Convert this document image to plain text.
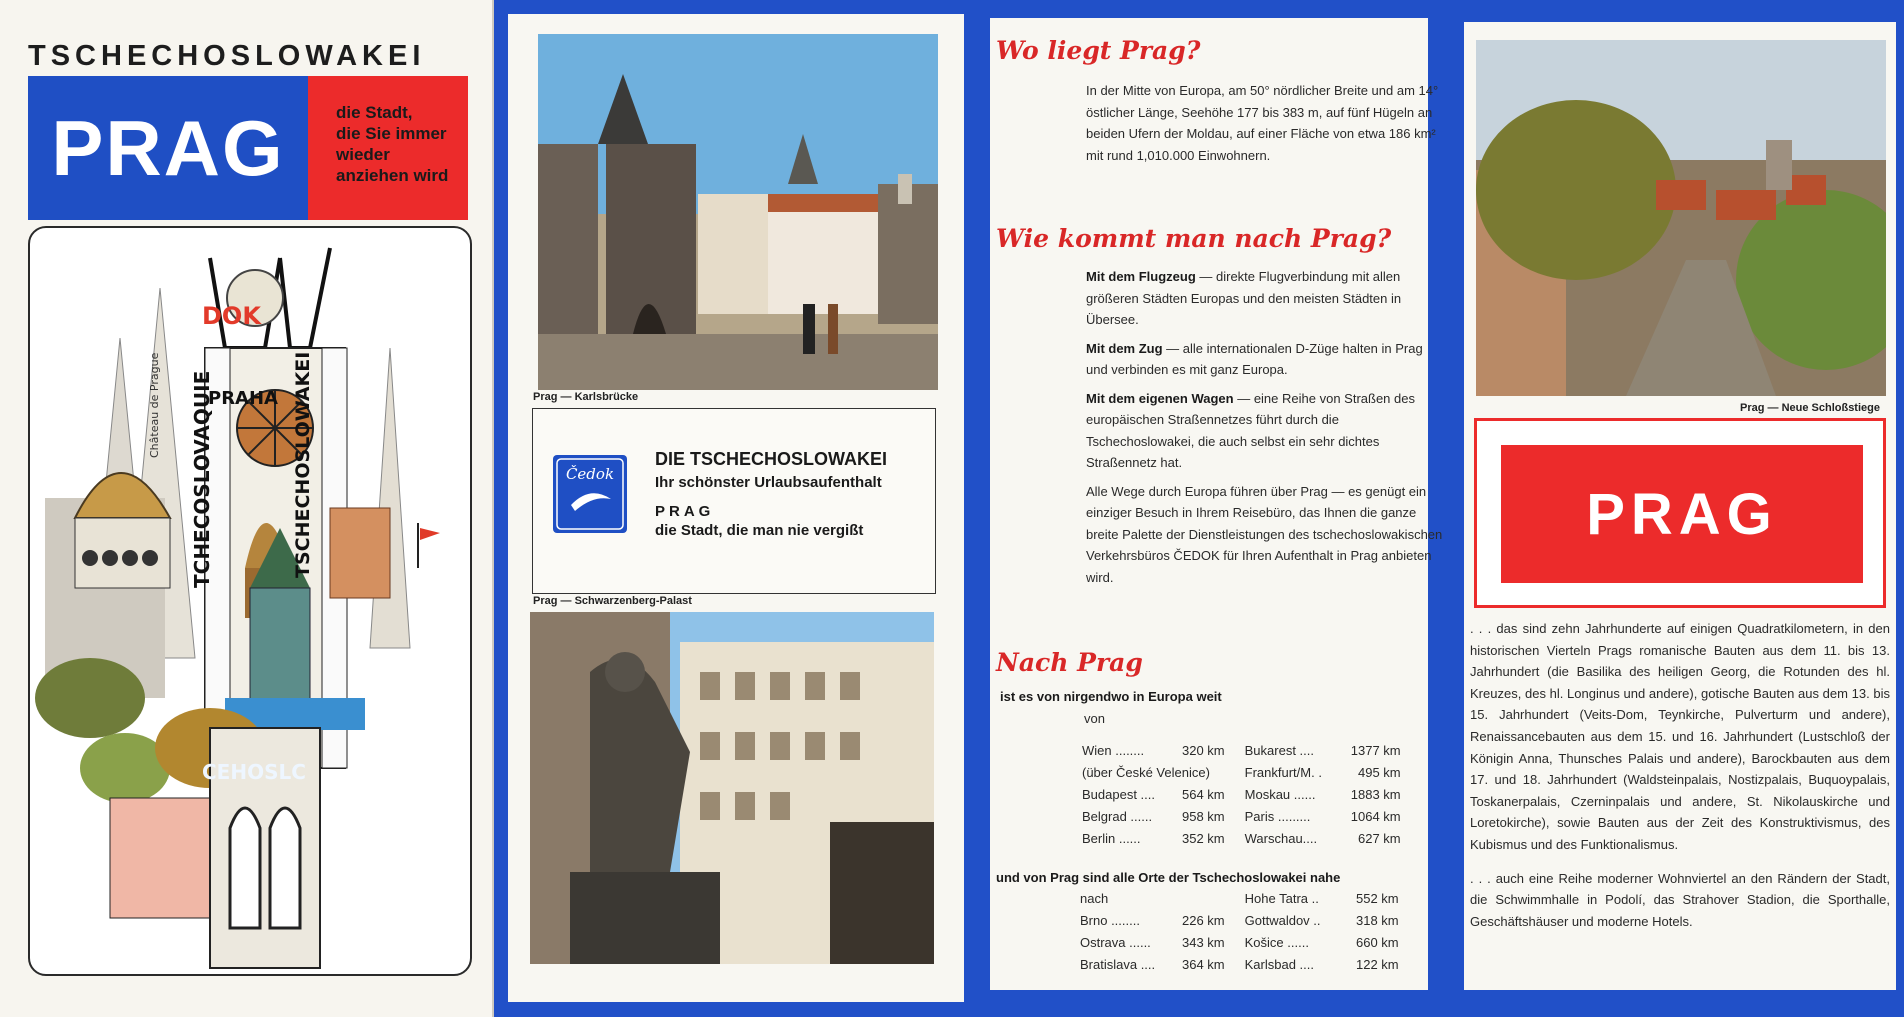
TSCHECHOSLOWAKEI
PRAG	die Stadt,
die Sie immer
wieder
anziehen wird
DOK
PRAHA
TCHECOSLOVAQUIE	TSCHECHOSLOWAKEI
CEHOSLC
Château de Prague	Prag — Karlsbrücke
Čedok
DIE TSCHECHOSLOWAKEI
Ihr schönster Urlaubsaufenthalt
PRAG
die Stadt, die man nie vergißt
Prag — Schwarzenberg-Palast
Wo liegt Prag?
In der Mitte von Europa, am 50° nördlicher Breite und am 14° östlicher Länge, Seehöhe 177 bis 383 m, auf fünf Hügeln an beiden Ufern der Moldau, auf einer Fläche von etwa 186 km² mit rund 1,010.000 Einwohnern.
Wie kommt man nach Prag?
Mit dem Flugzeug — direkte Flugverbindung mit allen größeren Städten Europas und den meisten Städten in Übersee.
Mit dem Zug — alle internationalen D-Züge halten in Prag und verbinden es mit ganz Europa.
Mit dem eigenen Wagen — eine Reihe von Straßen des europäischen Straßennetzes führt durch die Tschechoslowakei, die auch selbst ein sehr dichtes Straßennetz hat.
Alle Wege durch Europa führen über Prag — es genügt ein einziger Besuch in Ihrem Reisebüro, das Ihnen die ganze breite Palette der Dienstleistungen des tschechoslowakischen Verkehrsbüros ČEDOK für Ihren Aufenthalt in Prag anbieten wird.
Nach Prag
ist es von nirgendwo in Europa weit
von
Wien ........	320 km	Bukarest ....	1377 km
(über České Velenice)		Frankfurt/M. .	495 km
Budapest ....	564 km	Moskau ......	1883 km
Belgrad ......	958 km	Paris .........	1064 km
Berlin ......	352 km	Warschau....	627 km
und von Prag sind alle Orte der Tschechoslowakei nahe
nach		Hohe Tatra ..	552 km
Brno ........	226 km	Gottwaldov ..	318 km
Ostrava ......	343 km	Košice ......	660 km
Bratislava ....	364 km	Karlsbad ....	122 km
Prag — Neue Schloßstiege
PRAG
. . . das sind zehn Jahrhunderte auf einigen Quadratkilometern, in den historischen Vierteln Prags romanische Bauten aus dem 11. bis 13. Jahrhundert (die Basilika des heiligen Georg, die Rotunden des hl. Kreuzes, des hl. Longinus und andere), gotische Bauten aus dem 13. bis 15. Jahrhundert (Veits-Dom, Teynkirche, Pulverturm und andere), Renaissancebauten aus dem 15. und 16. Jahrhundert (Lustschloß der Königin Anna, Thunsches Palais und andere), Barockbauten aus dem 17. und 18. Jahrhundert (Waldsteinpalais, Nostizpalais, Buquoypalais, Toskanerpalais, Czerninpalais und andere, St. Nikolauskirche und Loretokirche), sowie Bauten aus der Zeit des Konstruktivismus, des Kubismus und des Funktionalismus.
. . . auch eine Reihe moderner Wohnviertel an den Rändern der Stadt, die Schwimmhalle in Podolí, das Strahover Stadion, die Sporthalle, Geschäftshäuser und moderne Hotels.
